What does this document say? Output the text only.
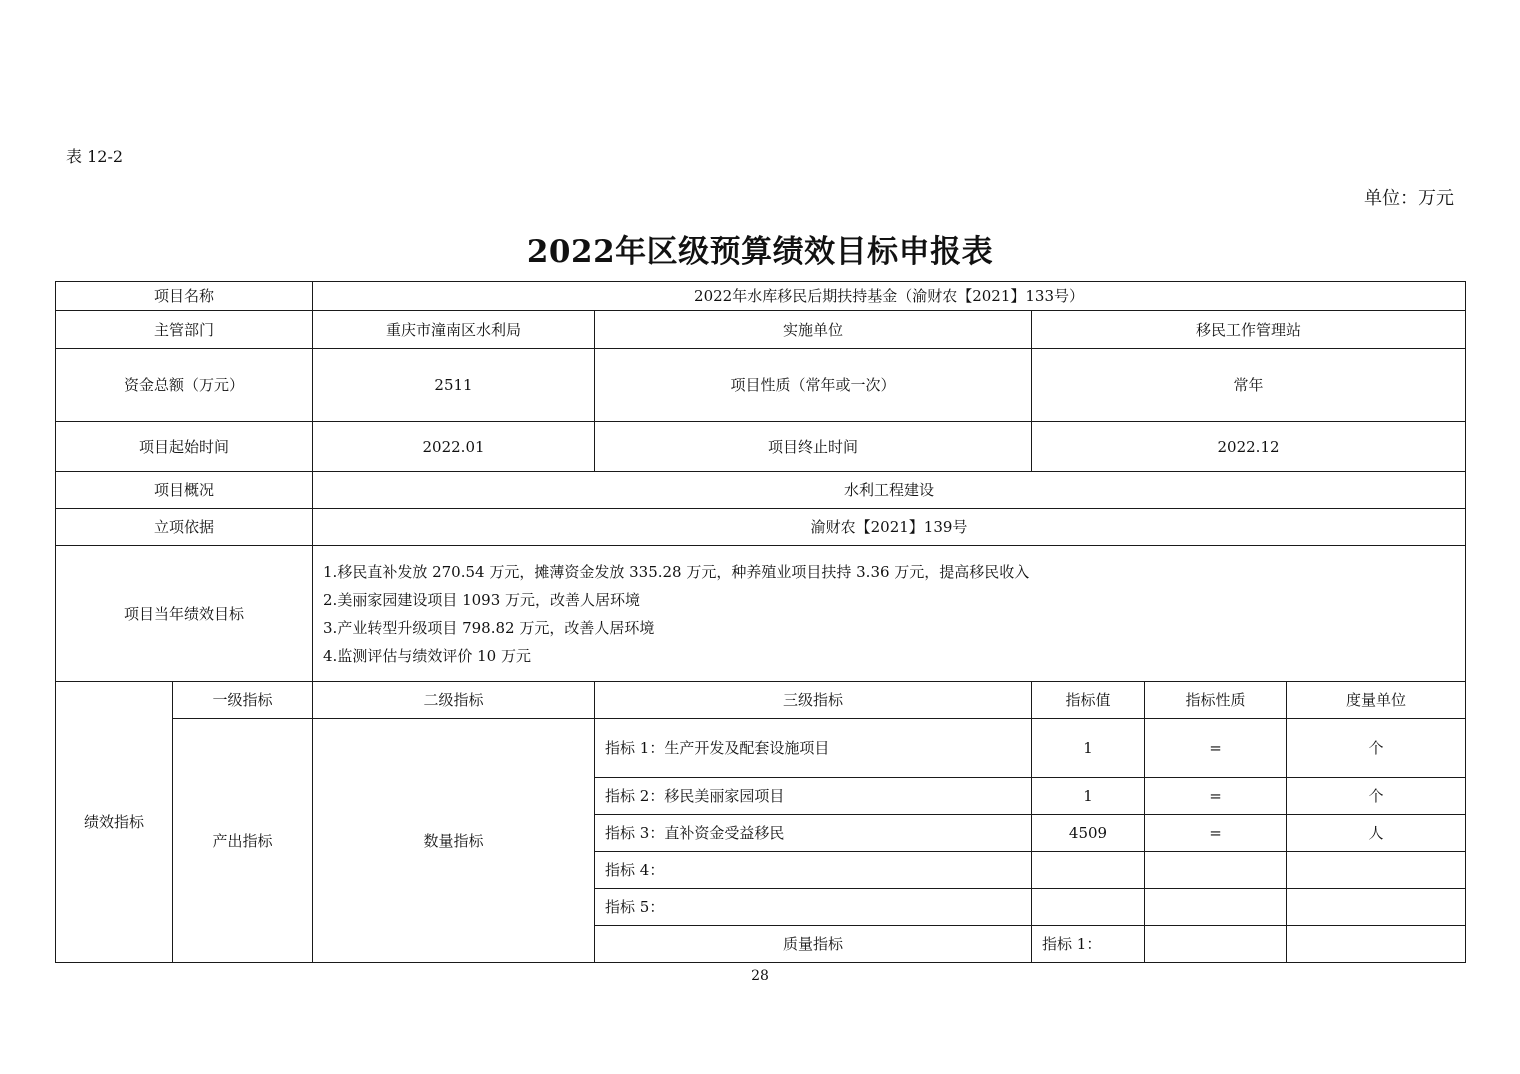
表 12-2
单位：万元
2022年区级预算绩效目标申报表
项目名称		2022年水库移民后期扶持基金（渝财农【2021】133号）					
主管部门		重庆市潼南区水利局	实施单位	移民工作管理站			
资金总额（万元）		2511	项目性质（常年或一次）	常年			
项目起始时间		2022.01	项目终止时间	2022.12			
项目概况		水利工程建设					
立项依据		渝财农【2021】139号					
项目当年绩效目标		1.移民直补发放 270.54 万元，摊薄资金发放 335.28 万元，种养殖业项目扶持 3.36 万元，提高移民收入
2.美丽家园建设项目 1093 万元，改善人居环境
3.产业转型升级项目 798.82 万元，改善人居环境
4.监测评估与绩效评价 10 万元					

绩效指标	一级指标	二级指标	三级指标	指标值	指标性质	度量单位	
	产出指标	数量指标	指标 1：生产开发及配套设施项目	1	=	个	
			指标 2：移民美丽家园项目	1	=	个	
			指标 3：直补资金受益移民	4509	=	人	
			指标 4：				
			指标 5：				
			质量指标	指标 1：			
28
